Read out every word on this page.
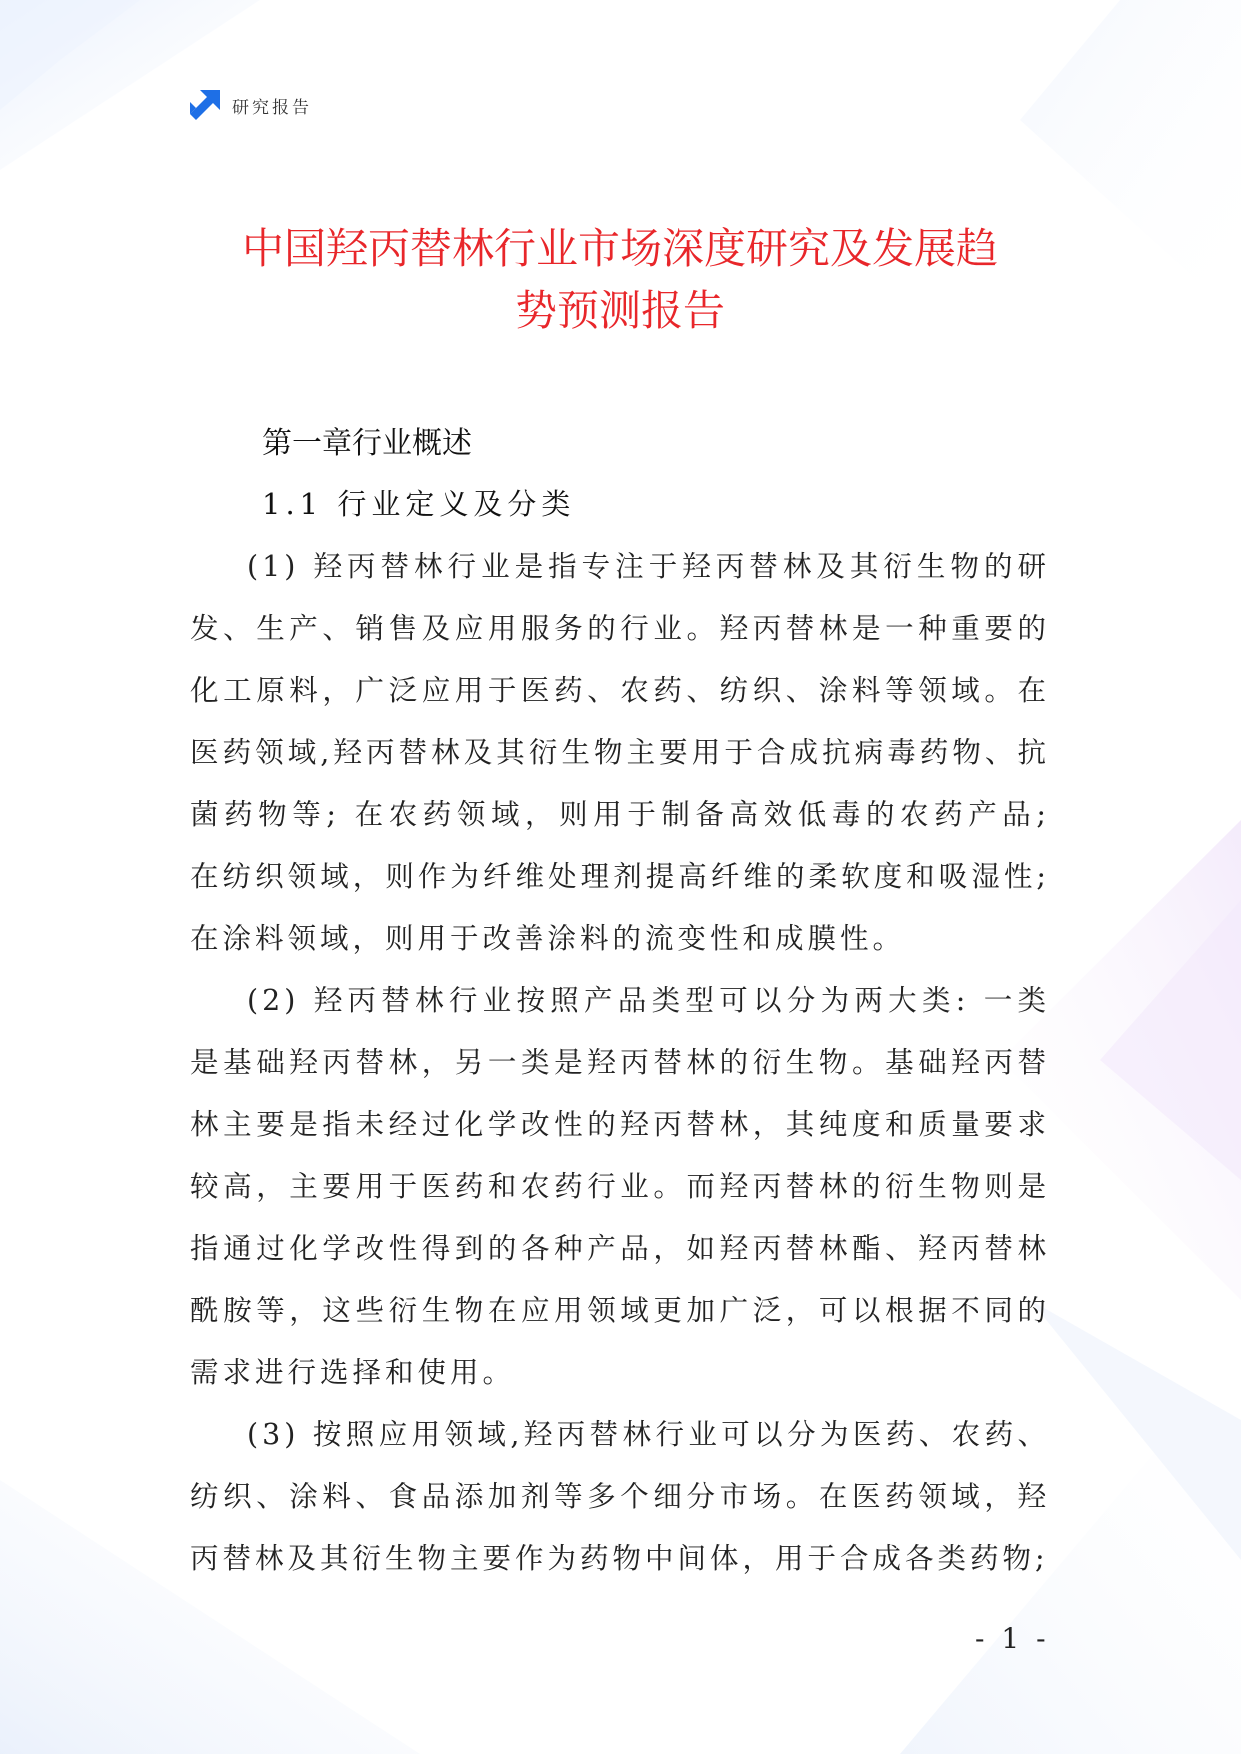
研究报告
中国羟丙替林行业市场深度研究及发展趋
势预测报告
第一章行业概述
1.1 行业定义及分类

(1) 羟丙替林行业是指专注于羟丙替林及其衍生物的研发、生产、销售及应用服务的行业。羟丙替林是一种重要的化工原料，广泛应用于医药、农药、纺织、涂料等领域。在医药领域,羟丙替林及其衍生物主要用于合成抗病毒药物、抗菌药物等; 在农药领域，则用于制备高效低毒的农药产品; 在纺织领域，则作为纤维处理剂提高纤维的柔软度和吸湿性; 在涂料领域，则用于改善涂料的流变性和成膜性。

(2) 羟丙替林行业按照产品类型可以分为两大类: 一类是基础羟丙替林，另一类是羟丙替林的衍生物。基础羟丙替林主要是指未经过化学改性的羟丙替林，其纯度和质量要求较高，主要用于医药和农药行业。而羟丙替林的衍生物则是指通过化学改性得到的各种产品，如羟丙替林酯、羟丙替林酰胺等，这些衍生物在应用领域更加广泛，可以根据不同的需求进行选择和使用。

(3) 按照应用领域,羟丙替林行业可以分为医药、农药、纺织、涂料、食品添加剂等多个细分市场。在医药领域，羟丙替林及其衍生物主要作为药物中间体，用于合成各类药物;

- 1 -
